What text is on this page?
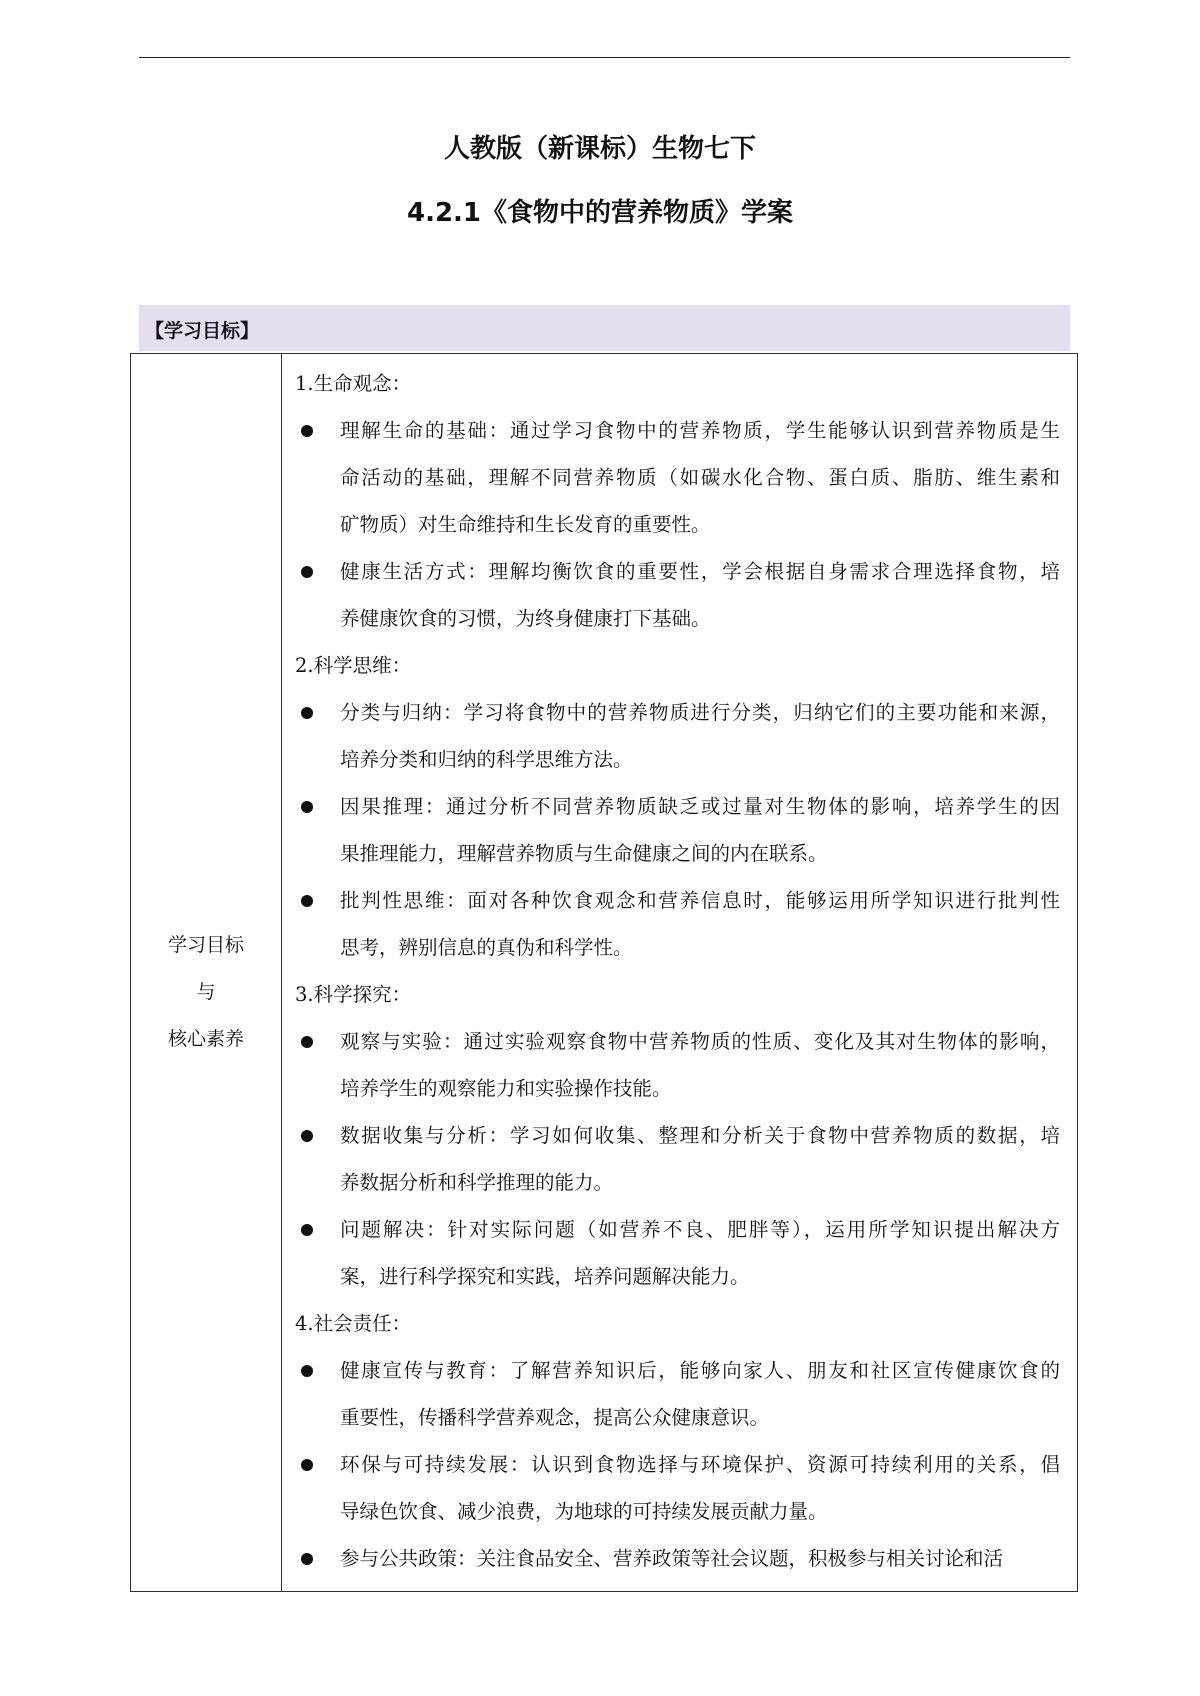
人教版（新课标）生物七下
4.2.1《食物中的营养物质》学案
【学习目标】
学习目标
与
核心素养
1.生命观念：
理解生命的基础：通过学习食物中的营养物质，学生能够认识到营养物质是生
命活动的基础，理解不同营养物质（如碳水化合物、蛋白质、脂肪、维生素和
矿物质）对生命维持和生长发育的重要性。
健康生活方式：理解均衡饮食的重要性，学会根据自身需求合理选择食物，培
养健康饮食的习惯，为终身健康打下基础。
2.科学思维：
分类与归纳：学习将食物中的营养物质进行分类，归纳它们的主要功能和来源，
培养分类和归纳的科学思维方法。
因果推理：通过分析不同营养物质缺乏或过量对生物体的影响，培养学生的因
果推理能力，理解营养物质与生命健康之间的内在联系。
批判性思维：面对各种饮食观念和营养信息时，能够运用所学知识进行批判性
思考，辨别信息的真伪和科学性。
3.科学探究：
观察与实验：通过实验观察食物中营养物质的性质、变化及其对生物体的影响，
培养学生的观察能力和实验操作技能。
数据收集与分析：学习如何收集、整理和分析关于食物中营养物质的数据，培
养数据分析和科学推理的能力。
问题解决：针对实际问题（如营养不良、肥胖等），运用所学知识提出解决方
案，进行科学探究和实践，培养问题解决能力。
4.社会责任：
健康宣传与教育：了解营养知识后，能够向家人、朋友和社区宣传健康饮食的
重要性，传播科学营养观念，提高公众健康意识。
环保与可持续发展：认识到食物选择与环境保护、资源可持续利用的关系，倡
导绿色饮食、减少浪费，为地球的可持续发展贡献力量。
参与公共政策：关注食品安全、营养政策等社会议题，积极参与相关讨论和活
